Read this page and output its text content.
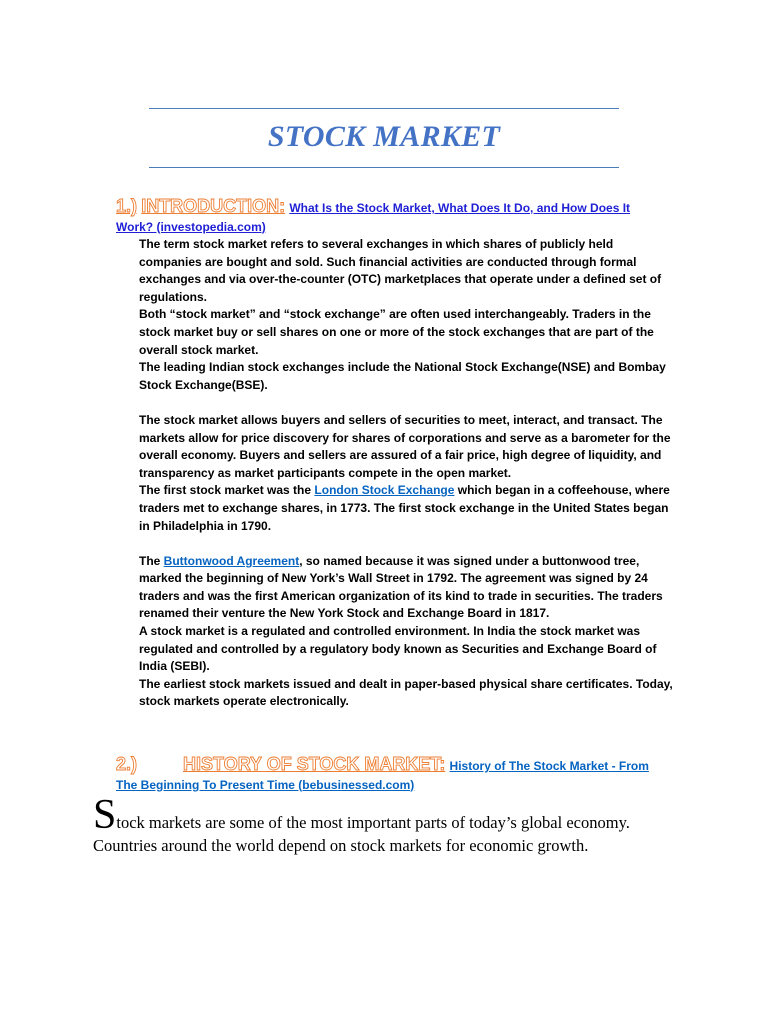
STOCK MARKET
1.) INTRODUCTION: What Is the Stock Market, What Does It Do, and How Does It Work? (investopedia.com)

The term stock market refers to several exchanges in which shares of publicly held companies are bought and sold. Such financial activities are conducted through formal exchanges and via over-the-counter (OTC) marketplaces that operate under a defined set of regulations.

Both “stock market” and “stock exchange” are often used interchangeably. Traders in the stock market buy or sell shares on one or more of the stock exchanges that are part of the overall stock market.

The leading Indian stock exchanges include the National Stock Exchange(NSE) and Bombay Stock Exchange(BSE).

The stock market allows buyers and sellers of securities to meet, interact, and transact. The markets allow for price discovery for shares of corporations and serve as a barometer for the overall economy. Buyers and sellers are assured of a fair price, high degree of liquidity, and transparency as market participants compete in the open market.

The first stock market was the London Stock Exchange which began in a coffeehouse, where traders met to exchange shares, in 1773. The first stock exchange in the United States began in Philadelphia in 1790.

The Buttonwood Agreement, so named because it was signed under a buttonwood tree, marked the beginning of New York’s Wall Street in 1792. The agreement was signed by 24 traders and was the first American organization of its kind to trade in securities. The traders renamed their venture the New York Stock and Exchange Board in 1817.

A stock market is a regulated and controlled environment. In India the stock market was regulated and controlled by a regulatory body known as Securities and Exchange Board of India (SEBI).

The earliest stock markets issued and dealt in paper-based physical share certificates. Today, stock markets operate electronically.

2.)	HISTORY OF STOCK MARKET: History of The Stock Market - From The Beginning To Present Time (bebusinessed.com)
Stock markets are some of the most important parts of today’s global economy. Countries around the world depend on stock markets for economic growth.
